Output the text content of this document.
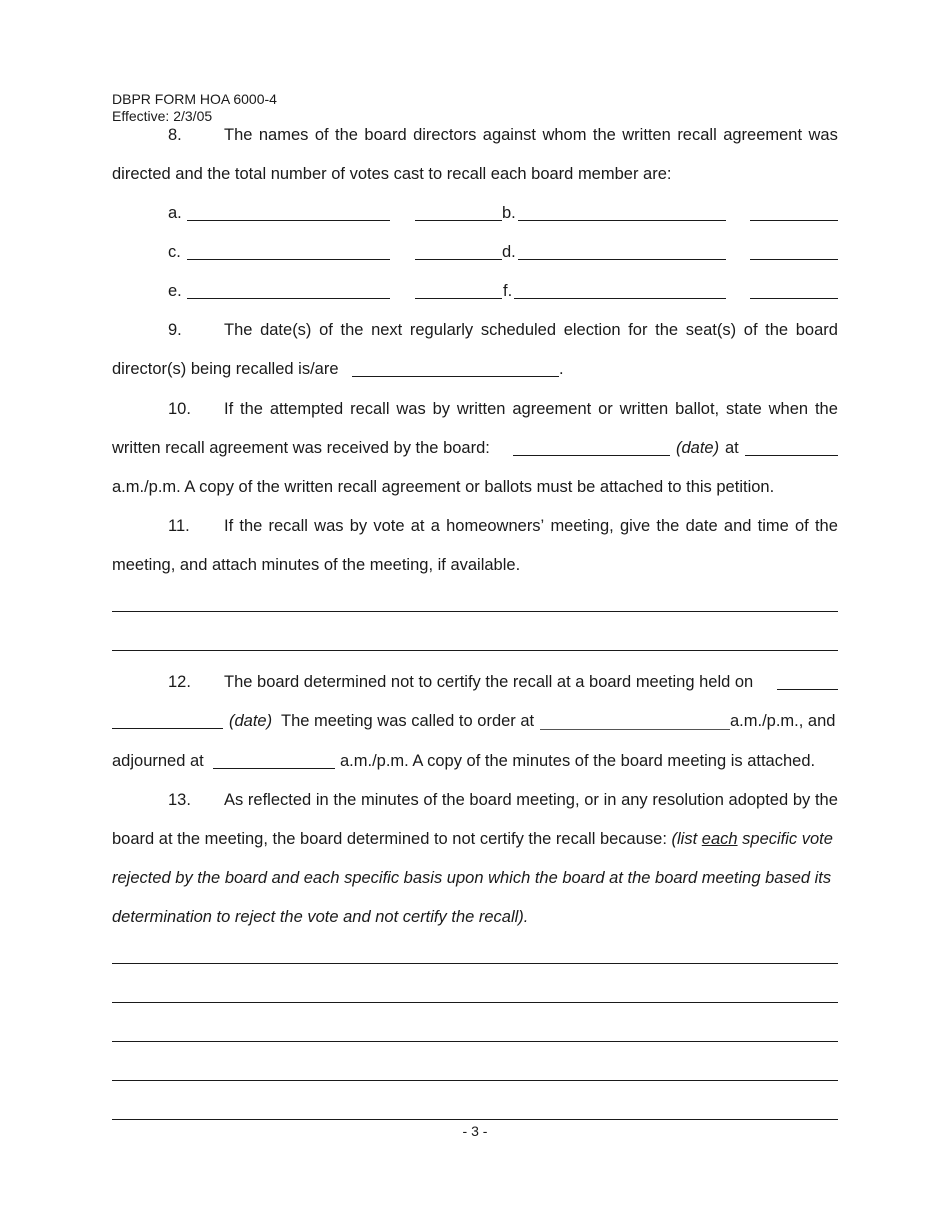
DBPR FORM HOA 6000-4
Effective: 2/3/05
8.	The names of the board directors against whom the written recall agreement was
directed and the total number of votes cast to recall each board member are:
a.	b.
c.	d.
e.	f.
9.	The date(s) of the next regularly scheduled election for the seat(s) of the board
director(s) being recalled is/are	.
10. If the attempted recall was by written agreement or written ballot, state when the
written recall agreement was received by the board:	(date) at
a.m./p.m. A copy of the written recall agreement or ballots must be attached to this petition.
11. If the recall was by vote at a homeowners’ meeting, give the date and time of the
meeting, and attach minutes of the meeting, if available.
12. The board determined not to certify the recall at a board meeting held on
(date) The meeting was called to order at	a.m./p.m., and
adjourned at	a.m./p.m. A copy of the minutes of the board meeting is attached.
13. As reflected in the minutes of the board meeting, or in any resolution adopted by the
board at the meeting, the board determined to not certify the recall because: (list each specific vote
rejected by the board and each specific basis upon which the board at the board meeting based its
determination to reject the vote and not certify the recall).
- 3 -
